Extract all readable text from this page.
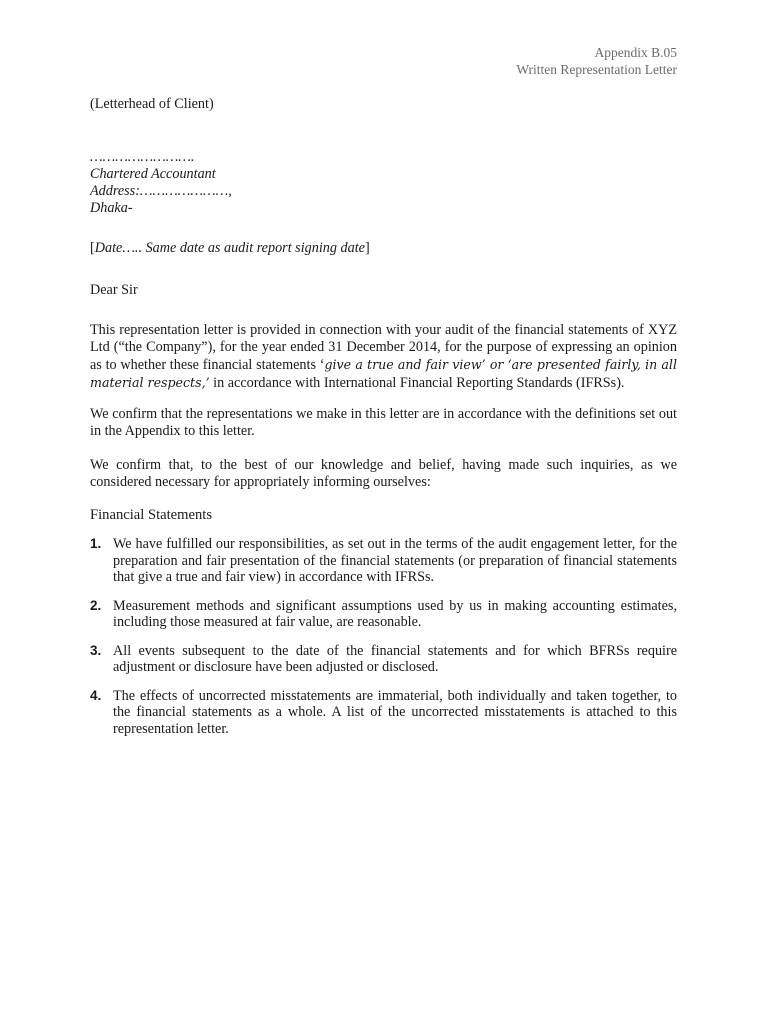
Appendix B.05
Written Representation Letter
(Letterhead of Client)
…………………….
Chartered Accountant
Address:…………………,
Dhaka-
[Date….. Same date as audit report signing date]
Dear Sir
This representation letter is provided in connection with your audit of the financial statements of XYZ Ltd (“the Company”), for the year ended 31 December 2014, for the purpose of expressing an opinion as to whether these financial statements ‘give a true and fair view’ or ‘are presented fairly, in all material respects,’ in accordance with International Financial Reporting Standards (IFRSs).
We confirm that the representations we make in this letter are in accordance with the definitions set out in the Appendix to this letter.
We confirm that, to the best of our knowledge and belief, having made such inquiries, as we considered necessary for appropriately informing ourselves:
Financial Statements
1. We have fulfilled our responsibilities, as set out in the terms of the audit engagement letter, for the preparation and fair presentation of the financial statements (or preparation of financial statements that give a true and fair view) in accordance with IFRSs.
2. Measurement methods and significant assumptions used by us in making accounting estimates, including those measured at fair value, are reasonable.
3. All events subsequent to the date of the financial statements and for which BFRSs require adjustment or disclosure have been adjusted or disclosed.
4. The effects of uncorrected misstatements are immaterial, both individually and taken together, to the financial statements as a whole. A list of the uncorrected misstatements is attached to this representation letter.
